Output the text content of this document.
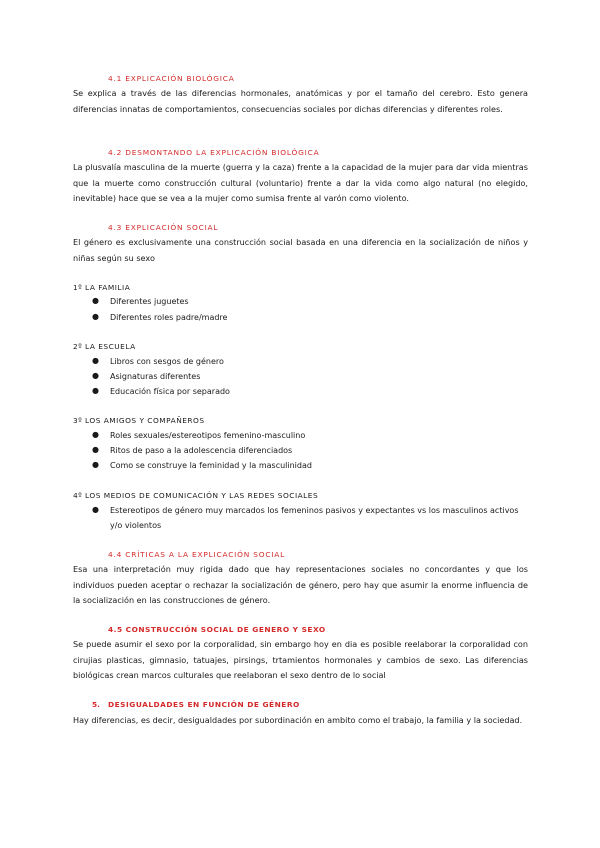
4.1 EXPLICACIÓN BIOLÓGICA
Se explica a través de las diferencias hormonales, anatómicas y por el tamaño del cerebro. Esto genera diferencias innatas de comportamientos, consecuencias sociales por dichas diferencias y diferentes roles.
4.2 DESMONTANDO LA EXPLICACIÓN BIOLÓGICA
La plusvalía masculina de la muerte (guerra y la caza) frente a la capacidad de la mujer para dar vida mientras que la muerte como construcción cultural (voluntario) frente a dar la vida como algo natural (no elegido, inevitable) hace que se vea a la mujer como sumisa frente al varón como violento.
4.3 EXPLICACIÓN SOCIAL
El género es exclusivamente una construcción social basada en una diferencia en la socialización de niños y niñas según su sexo
1º LA FAMILIA
● Diferentes juguetes
● Diferentes roles padre/madre
2º LA ESCUELA
● Libros con sesgos de género
● Asignaturas diferentes
● Educación física por separado
3º LOS AMIGOS Y COMPAÑEROS
● Roles sexuales/estereotipos femenino-masculino
● Ritos de paso a la adolescencia diferenciados
● Como se construye la feminidad y la masculinidad
4º LOS MEDIOS DE COMUNICACIÓN Y LAS REDES SOCIALES
● Estereotipos de género muy marcados los femeninos pasivos y expectantes vs los masculinos activos y/o violentos
4.4 CRÍTICAS A LA EXPLICACIÓN SOCIAL
Esa una interpretación muy rigida dado que hay representaciones sociales no concordantes y que los individuos pueden aceptar o rechazar la socialización de género, pero hay que asumir la enorme influencia de la socialización en las construcciones de género.
4.5 CONSTRUCCIÓN SOCIAL DE GENERO Y SEXO
Se puede asumir el sexo por la corporalidad, sin embargo hoy en dia es posible reelaborar la corporalidad con cirujias plasticas, gimnasio, tatuajes, pirsings, trtamientos hormonales y cambios de sexo. Las diferencias biológicas crean marcos culturales que reelaboran el sexo dentro de lo social
5. DESIGUALDADES EN FUNCIÓN DE GÉNERO
Hay diferencias, es decir, desigualdades por subordinación en ambito como el trabajo, la familia y la sociedad.
